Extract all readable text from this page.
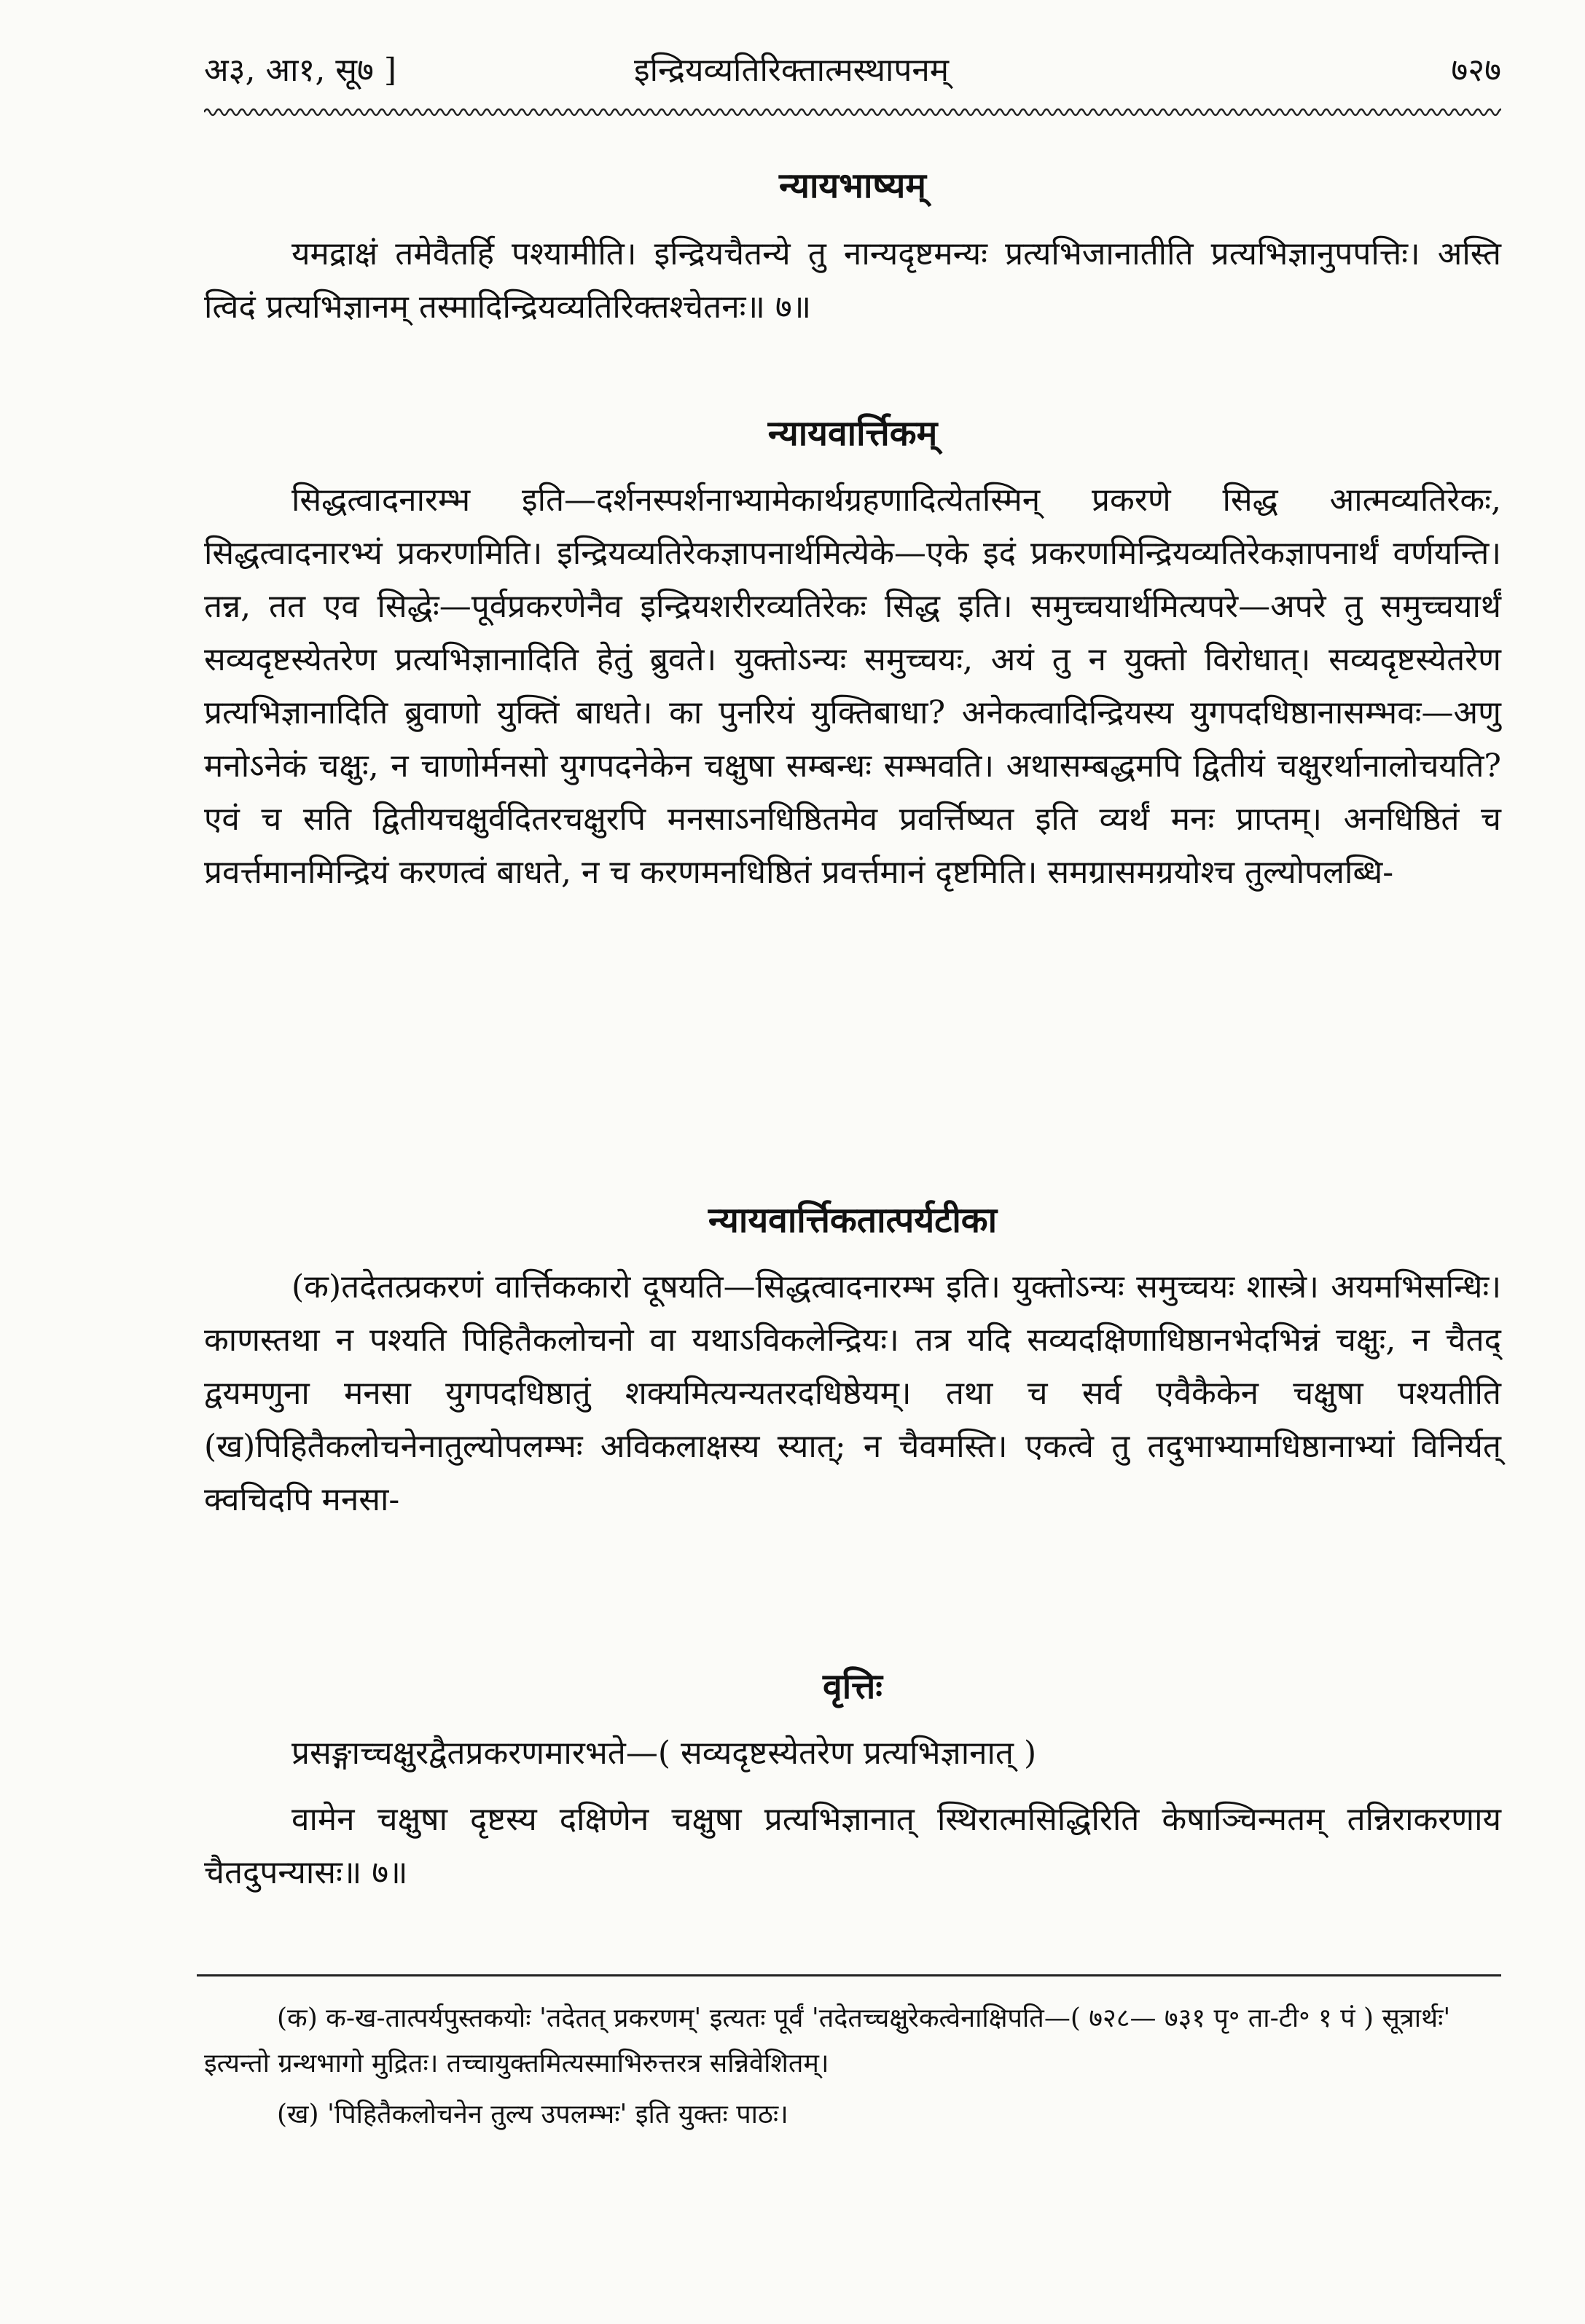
अ३, आ१, सू७ ]	इन्द्रियव्यतिरिक्तात्मस्थापनम्	७२७
न्यायभाष्यम्

यमद्राक्षं तमेवैतर्हि पश्यामीति। इन्द्रियचैतन्ये तु नान्यदृष्टमन्यः प्रत्यभिजानातीति प्रत्यभिज्ञानुपपत्तिः। अस्ति त्विदं प्रत्यभिज्ञानम् तस्मादिन्द्रियव्यतिरिक्तश्चेतनः॥ ७॥

न्यायवार्त्तिकम्

सिद्धत्वादनारम्भ इति—दर्शनस्पर्शनाभ्यामेकार्थग्रहणादित्येतस्मिन् प्रकरणे सिद्ध आत्मव्यतिरेकः, सिद्धत्वादनारभ्यं प्रकरणमिति। इन्द्रियव्यतिरेकज्ञापनार्थमित्येके—एके इदं प्रकरणमिन्द्रियव्यतिरेकज्ञापनार्थं वर्णयन्ति। तन्न, तत एव सिद्धेः—पूर्वप्रकरणेनैव इन्द्रियशरीरव्यतिरेकः सिद्ध इति। समुच्चयार्थमित्यपरे—अपरे तु समुच्चयार्थं सव्यदृष्टस्येतरेण प्रत्यभिज्ञानादिति हेतुं ब्रुवते। युक्तोऽन्यः समुच्चयः, अयं तु न युक्तो विरोधात्। सव्यदृष्टस्येतरेण प्रत्यभिज्ञानादिति ब्रुवाणो युक्तिं बाधते। का पुनरियं युक्तिबाधा? अनेकत्वादिन्द्रियस्य युगपदधिष्ठानासम्भवः—अणु मनोऽनेकं चक्षुः, न चाणोर्मनसो युगपदनेकेन चक्षुषा सम्बन्धः सम्भवति। अथासम्बद्धमपि द्वितीयं चक्षुरर्थानालोचयति? एवं च सति द्वितीयचक्षुर्वदितरचक्षुरपि मनसाऽनधिष्ठितमेव प्रवर्त्तिष्यत इति व्यर्थं मनः प्राप्तम्। अनधिष्ठितं च प्रवर्त्तमानमिन्द्रियं करणत्वं बाधते, न च करणमनधिष्ठितं प्रवर्त्तमानं दृष्टमिति। समग्रासमग्रयोश्च तुल्योपलब्धि-

न्यायवार्त्तिकतात्पर्यटीका

(क)तदेतत्प्रकरणं वार्त्तिककारो दूषयति—सिद्धत्वादनारम्भ इति। युक्तोऽन्यः समुच्चयः शास्त्रे। अयमभिसन्धिः। काणस्तथा न पश्यति पिहितैकलोचनो वा यथाऽविकलेन्द्रियः। तत्र यदि सव्यदक्षिणाधिष्ठानभेदभिन्नं चक्षुः, न चैतद् द्वयमणुना मनसा युगपदधिष्ठातुं शक्यमित्यन्यतरदधिष्ठेयम्। तथा च सर्व एवैकैकेन चक्षुषा पश्यतीति (ख)पिहितैकलोचनेनातुल्योपलम्भः अविकलाक्षस्य स्यात्; न चैवमस्ति। एकत्वे तु तदुभाभ्यामधिष्ठानाभ्यां विनिर्यत् क्वचिदपि मनसा-

वृत्तिः

प्रसङ्गाच्चक्षुरद्वैतप्रकरणमारभते—( सव्यदृष्टस्येतरेण प्रत्यभिज्ञानात् )

वामेन चक्षुषा दृष्टस्य दक्षिणेन चक्षुषा प्रत्यभिज्ञानात् स्थिरात्मसिद्धिरिति केषाञ्चिन्मतम् तन्निराकरणाय चैतदुपन्यासः॥ ७॥

(क) क-ख-तात्पर्यपुस्तकयोः 'तदेतत् प्रकरणम्' इत्यतः पूर्वं 'तदेतच्चक्षुरेकत्वेनाक्षिपति—( ७२८— ७३१ पृ॰ ता-टी॰ १ पं ) सूत्रार्थः' इत्यन्तो ग्रन्थभागो मुद्रितः। तच्चायुक्तमित्यस्माभिरुत्तरत्र सन्निवेशितम्।

(ख) 'पिहितैकलोचनेन तुल्य उपलम्भः' इति युक्तः पाठः।
